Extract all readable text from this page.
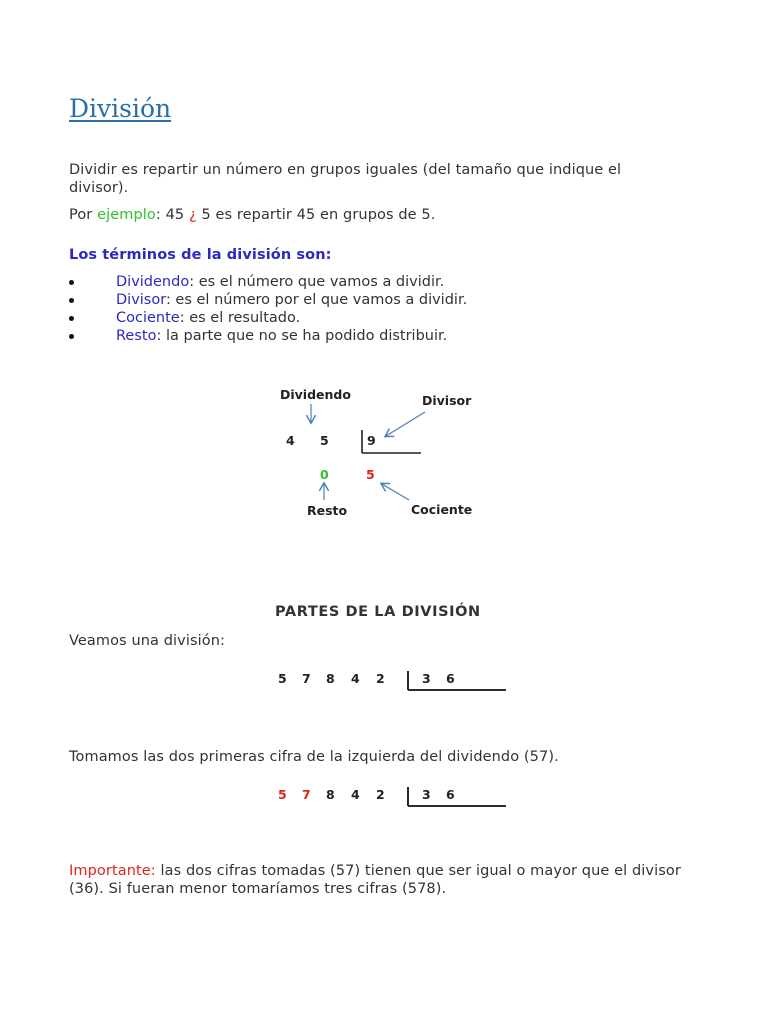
División
Dividir es repartir un número en grupos iguales (del tamaño que indique el divisor).
Por ejemplo: 45 ¿ 5 es repartir 45 en grupos de 5.
Los términos de la división son:
Dividendo: es el número que vamos a dividir.
Divisor: es el número por el que vamos a dividir.
Cociente: es el resultado.
Resto: la parte que no se ha podido distribuir.
Dividendo	Divisor
4 5	9
0	5
Resto	Cociente
PARTES DE LA DIVISIÓN
Veamos una división:
5 7 8 4 2	3 6
Tomamos las dos primeras cifra de la izquierda del dividendo (57).
5 7 8 4 2	3 6
Importante: las dos cifras tomadas (57) tienen que ser igual o mayor que el divisor (36). Si fueran menor tomaríamos tres cifras (578).
